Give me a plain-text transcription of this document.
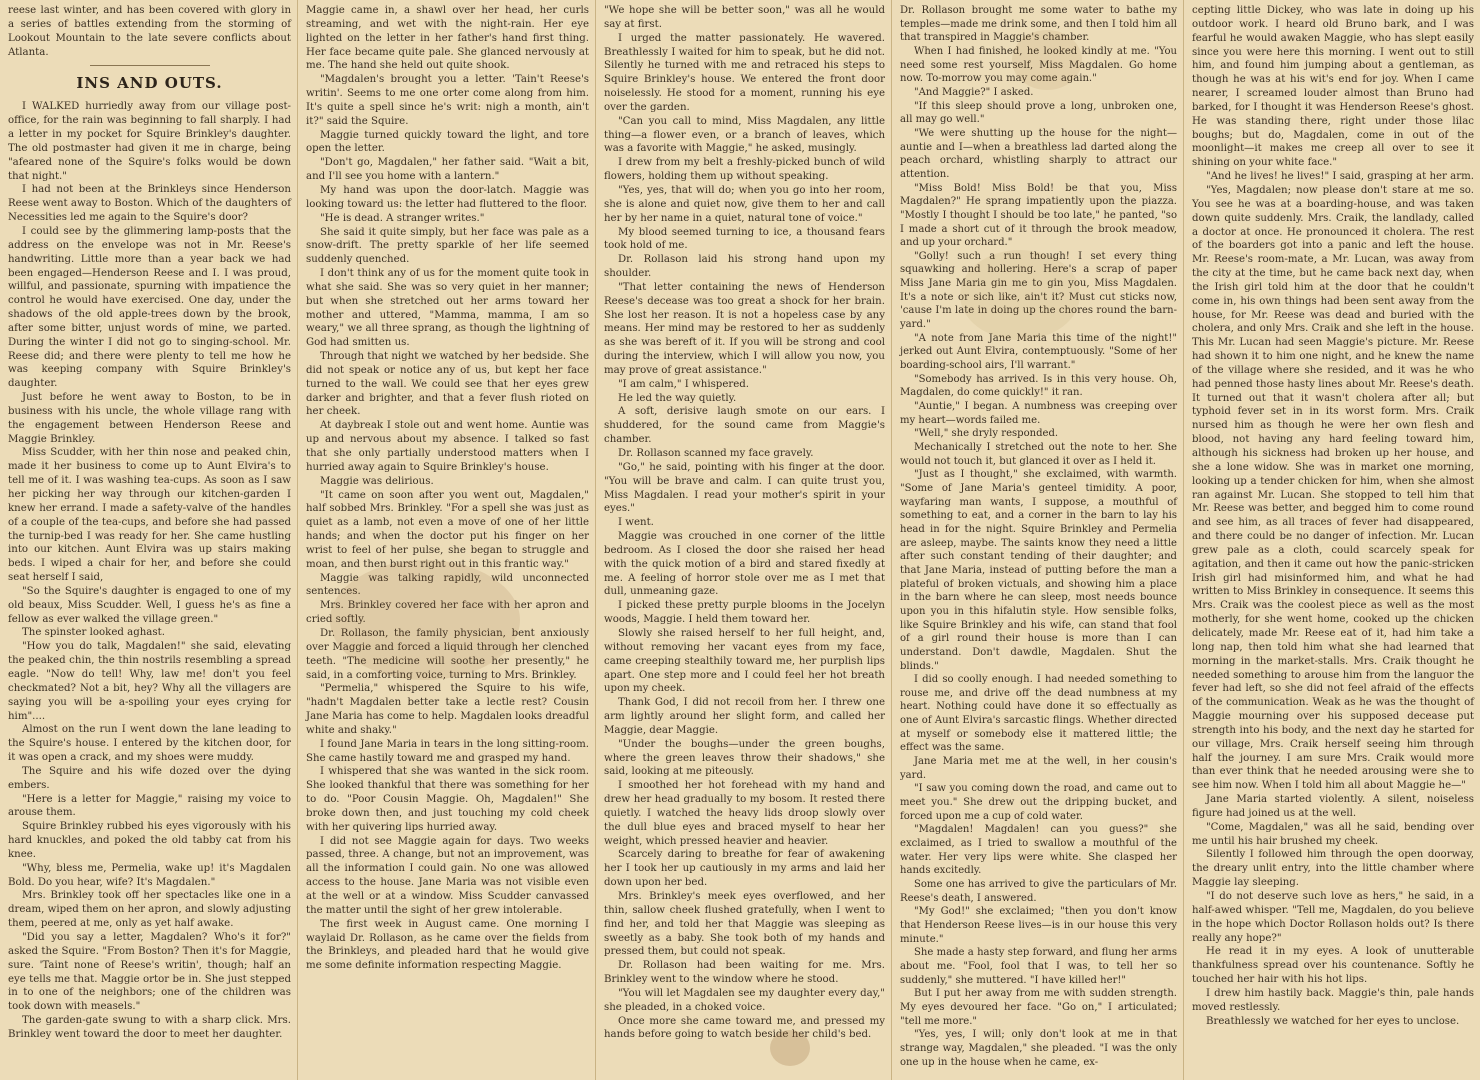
reese last winter, and has been covered with glory in a series of battles extending from the storming of Lookout Mountain to the late severe conflicts about Atlanta.

INS AND OUTS.

I WALKED hurriedly away from our village post-office, for the rain was beginning to fall sharply. I had a letter in my pocket for Squire Brinkley's daughter. The old postmaster had given it me in charge, being "afeared none of the Squire's folks would be down that night."

I had not been at the Brinkleys since Henderson Reese went away to Boston. Which of the daughters of Necessities led me again to the Squire's door?

I could see by the glimmering lamp-posts that the address on the envelope was not in Mr. Reese's handwriting. Little more than a year back we had been engaged—Henderson Reese and I. I was proud, willful, and passionate, spurning with impatience the control he would have exercised. One day, under the shadows of the old apple-trees down by the brook, after some bitter, unjust words of mine, we parted. During the winter I did not go to singing-school. Mr. Reese did; and there were plenty to tell me how he was keeping company with Squire Brinkley's daughter.

Just before he went away to Boston, to be in business with his uncle, the whole village rang with the engagement between Henderson Reese and Maggie Brinkley.

Miss Scudder, with her thin nose and peaked chin, made it her business to come up to Aunt Elvira's to tell me of it. I was washing tea-cups. As soon as I saw her picking her way through our kitchen-garden I knew her errand. I made a safety-valve of the handles of a couple of the tea-cups, and before she had passed the turnip-bed I was ready for her. She came hustling into our kitchen. Aunt Elvira was up stairs making beds. I wiped a chair for her, and before she could seat herself I said,

"So the Squire's daughter is engaged to one of my old beaux, Miss Scudder. Well, I guess he's as fine a fellow as ever walked the village green."

The spinster looked aghast.

"How you do talk, Magdalen!" she said, elevating the peaked chin, the thin nostrils resembling a spread eagle. "Now do tell! Why, law me! don't you feel checkmated? Not a bit, hey? Why all the villagers are saying you will be a-spoiling your eyes crying for him"....

Almost on the run I went down the lane leading to the Squire's house. I entered by the kitchen door, for it was open a crack, and my shoes were muddy.

The Squire and his wife dozed over the dying embers.

"Here is a letter for Maggie," raising my voice to arouse them.

Squire Brinkley rubbed his eyes vigorously with his hard knuckles, and poked the old tabby cat from his knee.

"Why, bless me, Permelia, wake up! it's Magdalen Bold. Do you hear, wife? It's Magdalen."

Mrs. Brinkley took off her spectacles like one in a dream, wiped them on her apron, and slowly adjusting them, peered at me, only as yet half awake.

"Did you say a letter, Magdalen? Who's it for?" asked the Squire. "From Boston? Then it's for Maggie, sure. 'Taint none of Reese's writin', though; half an eye tells me that. Maggie ortor be in. She just stepped in to one of the neighbors; one of the children was took down with measels."

The garden-gate swung to with a sharp click. Mrs. Brinkley went toward the door to meet her daughter.

Maggie came in, a shawl over her head, her curls streaming, and wet with the night-rain. Her eye lighted on the letter in her father's hand first thing. Her face became quite pale. She glanced nervously at me. The hand she held out quite shook.

"Magdalen's brought you a letter. 'Tain't Reese's writin'. Seems to me one orter come along from him. It's quite a spell since he's writ: nigh a month, ain't it?" said the Squire.

Maggie turned quickly toward the light, and tore open the letter.

"Don't go, Magdalen," her father said. "Wait a bit, and I'll see you home with a lantern."

My hand was upon the door-latch. Maggie was looking toward us: the letter had fluttered to the floor.

"He is dead. A stranger writes."

She said it quite simply, but her face was pale as a snow-drift. The pretty sparkle of her life seemed suddenly quenched.

I don't think any of us for the moment quite took in what she said. She was so very quiet in her manner; but when she stretched out her arms toward her mother and uttered, "Mamma, mamma, I am so weary," we all three sprang, as though the lightning of God had smitten us.

Through that night we watched by her bedside. She did not speak or notice any of us, but kept her face turned to the wall. We could see that her eyes grew darker and brighter, and that a fever flush rioted on her cheek.

At daybreak I stole out and went home. Auntie was up and nervous about my absence. I talked so fast that she only partially understood matters when I hurried away again to Squire Brinkley's house.

Maggie was delirious.

"It came on soon after you went out, Magdalen," half sobbed Mrs. Brinkley. "For a spell she was just as quiet as a lamb, not even a move of one of her little hands; and when the doctor put his finger on her wrist to feel of her pulse, she began to struggle and moan, and then burst right out in this frantic way."

Maggie was talking rapidly, wild unconnected sentences.

Mrs. Brinkley covered her face with her apron and cried softly.

Dr. Rollason, the family physician, bent anxiously over Maggie and forced a liquid through her clenched teeth. "The medicine will soothe her presently," he said, in a comforting voice, turning to Mrs. Brinkley.

"Permelia," whispered the Squire to his wife, "hadn't Magdalen better take a lectle rest? Cousin Jane Maria has come to help. Magdalen looks dreadful white and shaky."

I found Jane Maria in tears in the long sitting-room. She came hastily toward me and grasped my hand.

I whispered that she was wanted in the sick room. She looked thankful that there was something for her to do. "Poor Cousin Maggie. Oh, Magdalen!" She broke down then, and just touching my cold cheek with her quivering lips hurried away.

I did not see Maggie again for days. Two weeks passed, three. A change, but not an improvement, was all the information I could gain. No one was allowed access to the house. Jane Maria was not visible even at the well or at a window. Miss Scudder canvassed the matter until the sight of her grew intolerable.

The first week in August came. One morning I waylaid Dr. Rollason, as he came over the fields from the Brinkleys, and pleaded hard that he would give me some definite information respecting Maggie.

"We hope she will be better soon," was all he would say at first.

I urged the matter passionately. He wavered. Breathlessly I waited for him to speak, but he did not. Silently he turned with me and retraced his steps to Squire Brinkley's house. We entered the front door noiselessly. He stood for a moment, running his eye over the garden.

"Can you call to mind, Miss Magdalen, any little thing—a flower even, or a branch of leaves, which was a favorite with Maggie," he asked, musingly.

I drew from my belt a freshly-picked bunch of wild flowers, holding them up without speaking.

"Yes, yes, that will do; when you go into her room, she is alone and quiet now, give them to her and call her by her name in a quiet, natural tone of voice."

My blood seemed turning to ice, a thousand fears took hold of me.

Dr. Rollason laid his strong hand upon my shoulder.

"That letter containing the news of Henderson Reese's decease was too great a shock for her brain. She lost her reason. It is not a hopeless case by any means. Her mind may be restored to her as suddenly as she was bereft of it. If you will be strong and cool during the interview, which I will allow you now, you may prove of great assistance."

"I am calm," I whispered.

He led the way quietly.

A soft, derisive laugh smote on our ears. I shuddered, for the sound came from Maggie's chamber.

Dr. Rollason scanned my face gravely.

"Go," he said, pointing with his finger at the door. "You will be brave and calm. I can quite trust you, Miss Magdalen. I read your mother's spirit in your eyes."

I went.

Maggie was crouched in one corner of the little bedroom. As I closed the door she raised her head with the quick motion of a bird and stared fixedly at me. A feeling of horror stole over me as I met that dull, unmeaning gaze.

I picked these pretty purple blooms in the Jocelyn woods, Maggie. I held them toward her.

Slowly she raised herself to her full height, and, without removing her vacant eyes from my face, came creeping stealthily toward me, her purplish lips apart. One step more and I could feel her hot breath upon my cheek.

Thank God, I did not recoil from her. I threw one arm lightly around her slight form, and called her Maggie, dear Maggie.

"Under the boughs—under the green boughs, where the green leaves throw their shadows," she said, looking at me piteously.

I smoothed her hot forehead with my hand and drew her head gradually to my bosom. It rested there quietly. I watched the heavy lids droop slowly over the dull blue eyes and braced myself to hear her weight, which pressed heavier and heavier.

Scarcely daring to breathe for fear of awakening her I took her up cautiously in my arms and laid her down upon her bed.

Mrs. Brinkley's meek eyes overflowed, and her thin, sallow cheek flushed gratefully, when I went to find her, and told her that Maggie was sleeping as sweetly as a baby. She took both of my hands and pressed them, but could not speak.

Dr. Rollason had been waiting for me. Mrs. Brinkley went to the window where he stood.

"You will let Magdalen see my daughter every day," she pleaded, in a choked voice.

Once more she came toward me, and pressed my hands before going to watch beside her child's bed.

Dr. Rollason brought me some water to bathe my temples—made me drink some, and then I told him all that transpired in Maggie's chamber.

When I had finished, he looked kindly at me. "You need some rest yourself, Miss Magdalen. Go home now. To-morrow you may come again."

"And Maggie?" I asked.

"If this sleep should prove a long, unbroken one, all may go well."

"We were shutting up the house for the night—auntie and I—when a breathless lad darted along the peach orchard, whistling sharply to attract our attention.

"Miss Bold! Miss Bold! be that you, Miss Magdalen?" He sprang impatiently upon the piazza. "Mostly I thought I should be too late," he panted, "so I made a short cut of it through the brook meadow, and up your orchard."

"Golly! such a run though! I set every thing squawking and hollering. Here's a scrap of paper Miss Jane Maria gin me to gin you, Miss Magdalen. It's a note or sich like, ain't it? Must cut sticks now, 'cause I'm late in doing up the chores round the barn-yard."

"A note from Jane Maria this time of the night!" jerked out Aunt Elvira, contemptuously. "Some of her boarding-school airs, I'll warrant."

"Somebody has arrived. Is in this very house. Oh, Magdalen, do come quickly!" it ran.

"Auntie," I began. A numbness was creeping over my heart—words failed me.

"Well," she dryly responded.

Mechanically I stretched out the note to her. She would not touch it, but glanced it over as I held it.

"Just as I thought," she exclaimed, with warmth. "Some of Jane Maria's genteel timidity. A poor, wayfaring man wants, I suppose, a mouthful of something to eat, and a corner in the barn to lay his head in for the night. Squire Brinkley and Permelia are asleep, maybe. The saints know they need a little after such constant tending of their daughter; and that Jane Maria, instead of putting before the man a plateful of broken victuals, and showing him a place in the barn where he can sleep, most needs bounce upon you in this hifalutin style. How sensible folks, like Squire Brinkley and his wife, can stand that fool of a girl round their house is more than I can understand. Don't dawdle, Magdalen. Shut the blinds."

I did so coolly enough. I had needed something to rouse me, and drive off the dead numbness at my heart. Nothing could have done it so effectually as one of Aunt Elvira's sarcastic flings. Whether directed at myself or somebody else it mattered little; the effect was the same.

Jane Maria met me at the well, in her cousin's yard.

"I saw you coming down the road, and came out to meet you." She drew out the dripping bucket, and forced upon me a cup of cold water.

"Magdalen! Magdalen! can you guess?" she exclaimed, as I tried to swallow a mouthful of the water. Her very lips were white. She clasped her hands excitedly.

Some one has arrived to give the particulars of Mr. Reese's death, I answered.

"My God!" she exclaimed; "then you don't know that Henderson Reese lives—is in our house this very minute."

She made a hasty step forward, and flung her arms about me. "Fool, fool that I was, to tell her so suddenly," she muttered. "I have killed her!"

But I put her away from me with sudden strength. My eyes devoured her face. "Go on," I articulated; "tell me more."

"Yes, yes, I will; only don't look at me in that strange way, Magdalen," she pleaded. "I was the only one up in the house when he came, ex-

cepting little Dickey, who was late in doing up his outdoor work. I heard old Bruno bark, and I was fearful he would awaken Maggie, who has slept easily since you were here this morning. I went out to still him, and found him jumping about a gentleman, as though he was at his wit's end for joy. When I came nearer, I screamed louder almost than Bruno had barked, for I thought it was Henderson Reese's ghost. He was standing there, right under those lilac boughs; but do, Magdalen, come in out of the moonlight—it makes me creep all over to see it shining on your white face."

"And he lives! he lives!" I said, grasping at her arm.

"Yes, Magdalen; now please don't stare at me so. You see he was at a boarding-house, and was taken down quite suddenly. Mrs. Craik, the landlady, called a doctor at once. He pronounced it cholera. The rest of the boarders got into a panic and left the house. Mr. Reese's room-mate, a Mr. Lucan, was away from the city at the time, but he came back next day, when the Irish girl told him at the door that he couldn't come in, his own things had been sent away from the house, for Mr. Reese was dead and buried with the cholera, and only Mrs. Craik and she left in the house. This Mr. Lucan had seen Maggie's picture. Mr. Reese had shown it to him one night, and he knew the name of the village where she resided, and it was he who had penned those hasty lines about Mr. Reese's death. It turned out that it wasn't cholera after all; but typhoid fever set in in its worst form. Mrs. Craik nursed him as though he were her own flesh and blood, not having any hard feeling toward him, although his sickness had broken up her house, and she a lone widow. She was in market one morning, looking up a tender chicken for him, when she almost ran against Mr. Lucan. She stopped to tell him that Mr. Reese was better, and begged him to come round and see him, as all traces of fever had disappeared, and there could be no danger of infection. Mr. Lucan grew pale as a cloth, could scarcely speak for agitation, and then it came out how the panic-stricken Irish girl had misinformed him, and what he had written to Miss Brinkley in consequence. It seems this Mrs. Craik was the coolest piece as well as the most motherly, for she went home, cooked up the chicken delicately, made Mr. Reese eat of it, had him take a long nap, then told him what she had learned that morning in the market-stalls. Mrs. Craik thought he needed something to arouse him from the languor the fever had left, so she did not feel afraid of the effects of the communication. Weak as he was the thought of Maggie mourning over his supposed decease put strength into his body, and the next day he started for our village, Mrs. Craik herself seeing him through half the journey. I am sure Mrs. Craik would more than ever think that he needed arousing were she to see him now. When I told him all about Maggie he—"

Jane Maria started violently. A silent, noiseless figure had joined us at the well.

"Come, Magdalen," was all he said, bending over me until his hair brushed my cheek.

Silently I followed him through the open doorway, the dreary unlit entry, into the little chamber where Maggie lay sleeping.

"I do not deserve such love as hers," he said, in a half-awed whisper. "Tell me, Magdalen, do you believe in the hope which Doctor Rollason holds out? Is there really any hope?"

He read it in my eyes. A look of unutterable thankfulness spread over his countenance. Softly he touched her hair with his hot lips.

I drew him hastily back. Maggie's thin, pale hands moved restlessly.

Breathlessly we watched for her eyes to unclose.
